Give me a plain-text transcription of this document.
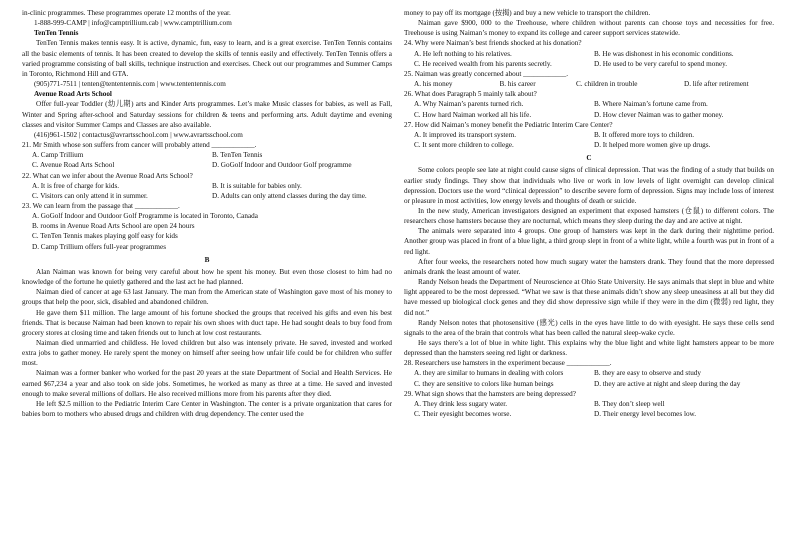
in-clinic programmes. These programmes operate 12 months of the year.

1-888-999-CAMP | info@camptrillium.cab | www.camptrillium.com

TenTen Tennis

TenTen Tennis makes tennis easy. It is active, dynamic, fun, easy to learn, and is a great exercise. TenTen Tennis contains all the basic elements of tennis. It has been created to develop the skills of tennis easily and effectively. TenTen Tennis offers a varied programme consisting of ball skills, technique instruction and exercises. Check out our programmes and Summer Camps in Toronto, Richmond Hill and GTA.

(905)771-7511 | tenten@tententennis.com | www.tententennis.com

Avenue Road Arts School

Offer full-year Toddler (幼儿期) arts and Kinder Arts programmes. Let’s make Music classes for babies, as well as Fall, Winter and Spring after-school and Saturday sessions for children & teens and performing arts. Adult daytime and evening classes and visitor Summer Camps and Classes are also available.

(416)961-1502 | contactus@avrartsschool.com | www.avrartsschool.com

21. Mr Smith whose son suffers from cancer will probably attend ____________.

A. Camp Trillium	B. TenTen Tennis
C. Avenue Road Arts School	D. GoGolf Indoor and Outdoor Golf programme

22. What can we infer about the Avenue Road Arts School?

A. It is free of charge for kids.	B. It is suitable for babies only.
C. Visitors can only attend it in summer.	D. Adults can only attend classes during the day time.

23. We can learn from the passage that ____________.

A. GoGolf Indoor and Outdoor Golf Programme is located in Toronto, Canada
B. rooms in Avenue Road Arts School are open 24 hours
C. TenTen Tennis makes playing golf easy for kids
D. Camp Trillium offers full-year programmes

B

Alan Naiman was known for being very careful about how he spent his money. But even those closest to him had no knowledge of the fortune he quietly gathered and the last act he had planned.

Naiman died of cancer at age 63 last January. The man from the American state of Washington gave most of his money to groups that help the poor, sick, disabled and abandoned children.

He gave them $11 million. The large amount of his fortune shocked the groups that received his gifts and even his best friends. That is because Naiman had been known to repair his own shoes with duct tape. He had sought deals to buy food from grocery stores at closing time and taken friends out to lunch at low cost restaurants.

Naiman died unmarried and childless. He loved children but also was intensely private. He saved, invested and worked extra jobs to gather money. He rarely spent the money on himself after seeing how unfair life could be for children who suffer most.

Naiman was a former banker who worked for the past 20 years at the state Department of Social and Health Services. He earned $67,234 a year and also took on side jobs. Sometimes, he worked as many as three at a time. He saved and invested enough to make several millions of dollars. He also received millions more from his parents after they died.

He left $2.5 million to the Pediatric Interim Care Center in Washington. The center is a private organization that cares for babies born to mothers who abused drugs and children with drug dependency. The center used the

money to pay off its mortgage (按揭) and buy a new vehicle to transport the children.

Naiman gave $900, 000 to the Treehouse, where children without parents can choose toys and necessities for free. Treehouse is using Naiman’s money to expand its college and career support services statewide.

24. Why were Naiman’s best friends shocked at his donation?

A. He left nothing to his relatives.	B. He was dishonest in his economic conditions.
C. He received wealth from his parents secretly.	D. He used to be very careful to spend money.

25. Naiman was greatly concerned about ____________.

A. his money	B. his career	C. children in trouble	D. life after retirement

26. What does Paragraph 5 mainly talk about?

A. Why Naiman’s parents turned rich.	B. Where Naiman’s fortune came from.
C. How hard Naiman worked all his life.	D. How clever Naiman was to gather money.

27. How did Naiman’s money benefit the Pediatric Interim Care Center?

A. It improved its transport system.	B. It offered more toys to children.
C. It sent more children to college.	D. It helped more women give up drugs.

C

Some colors people see late at night could cause signs of clinical depression. That was the finding of a study that builds on earlier study findings. They show that individuals who live or work in low levels of light overnight can develop clinical depression. Doctors use the word “clinical depression” to describe severe form of depression. Signs may include loss of interest or pleasure in most activities, low energy levels and thoughts of death or suicide.

In the new study, American investigators designed an experiment that exposed hamsters (仓鼠) to different colors. The researchers chose hamsters because they are nocturnal, which means they sleep during the day and are active at night.

The animals were separated into 4 groups. One group of hamsters was kept in the dark during their nighttime period. Another group was placed in front of a blue light, a third group slept in front of a white light, while a fourth was put in front of a red light.

After four weeks, the researchers noted how much sugary water the hamsters drank. They found that the more depressed animals drank the least amount of water.

Randy Nelson heads the Department of Neuroscience at Ohio State University. He says animals that slept in blue and white light appeared to be the most depressed. “What we saw is that these animals didn’t show any sleep uneasiness at all but they did have messed up biological clock genes and they did show depressive sign while if they were in the dim (微弱) red light, they did not.”

Randy Nelson notes that photosensitive (感光) cells in the eyes have little to do with eyesight. He says these cells send signals to the area of the brain that controls what has been called the natural sleep-wake cycle.

He says there’s a lot of blue in white light. This explains why the blue light and white light hamsters appear to be more depressed than the hamsters seeing red light or darkness.

28. Researchers use hamsters in the experiment because ____________.

A. they are similar to humans in dealing with colors	B. they are easy to observe and study
C. they are sensitive to colors like human beings	D. they are active at night and sleep during the day

29. What sign shows that the hamsters are being depressed?

A. They drink less sugary water.	B. They don’t sleep well
C. Their eyesight becomes worse.	D. Their energy level becomes low.
